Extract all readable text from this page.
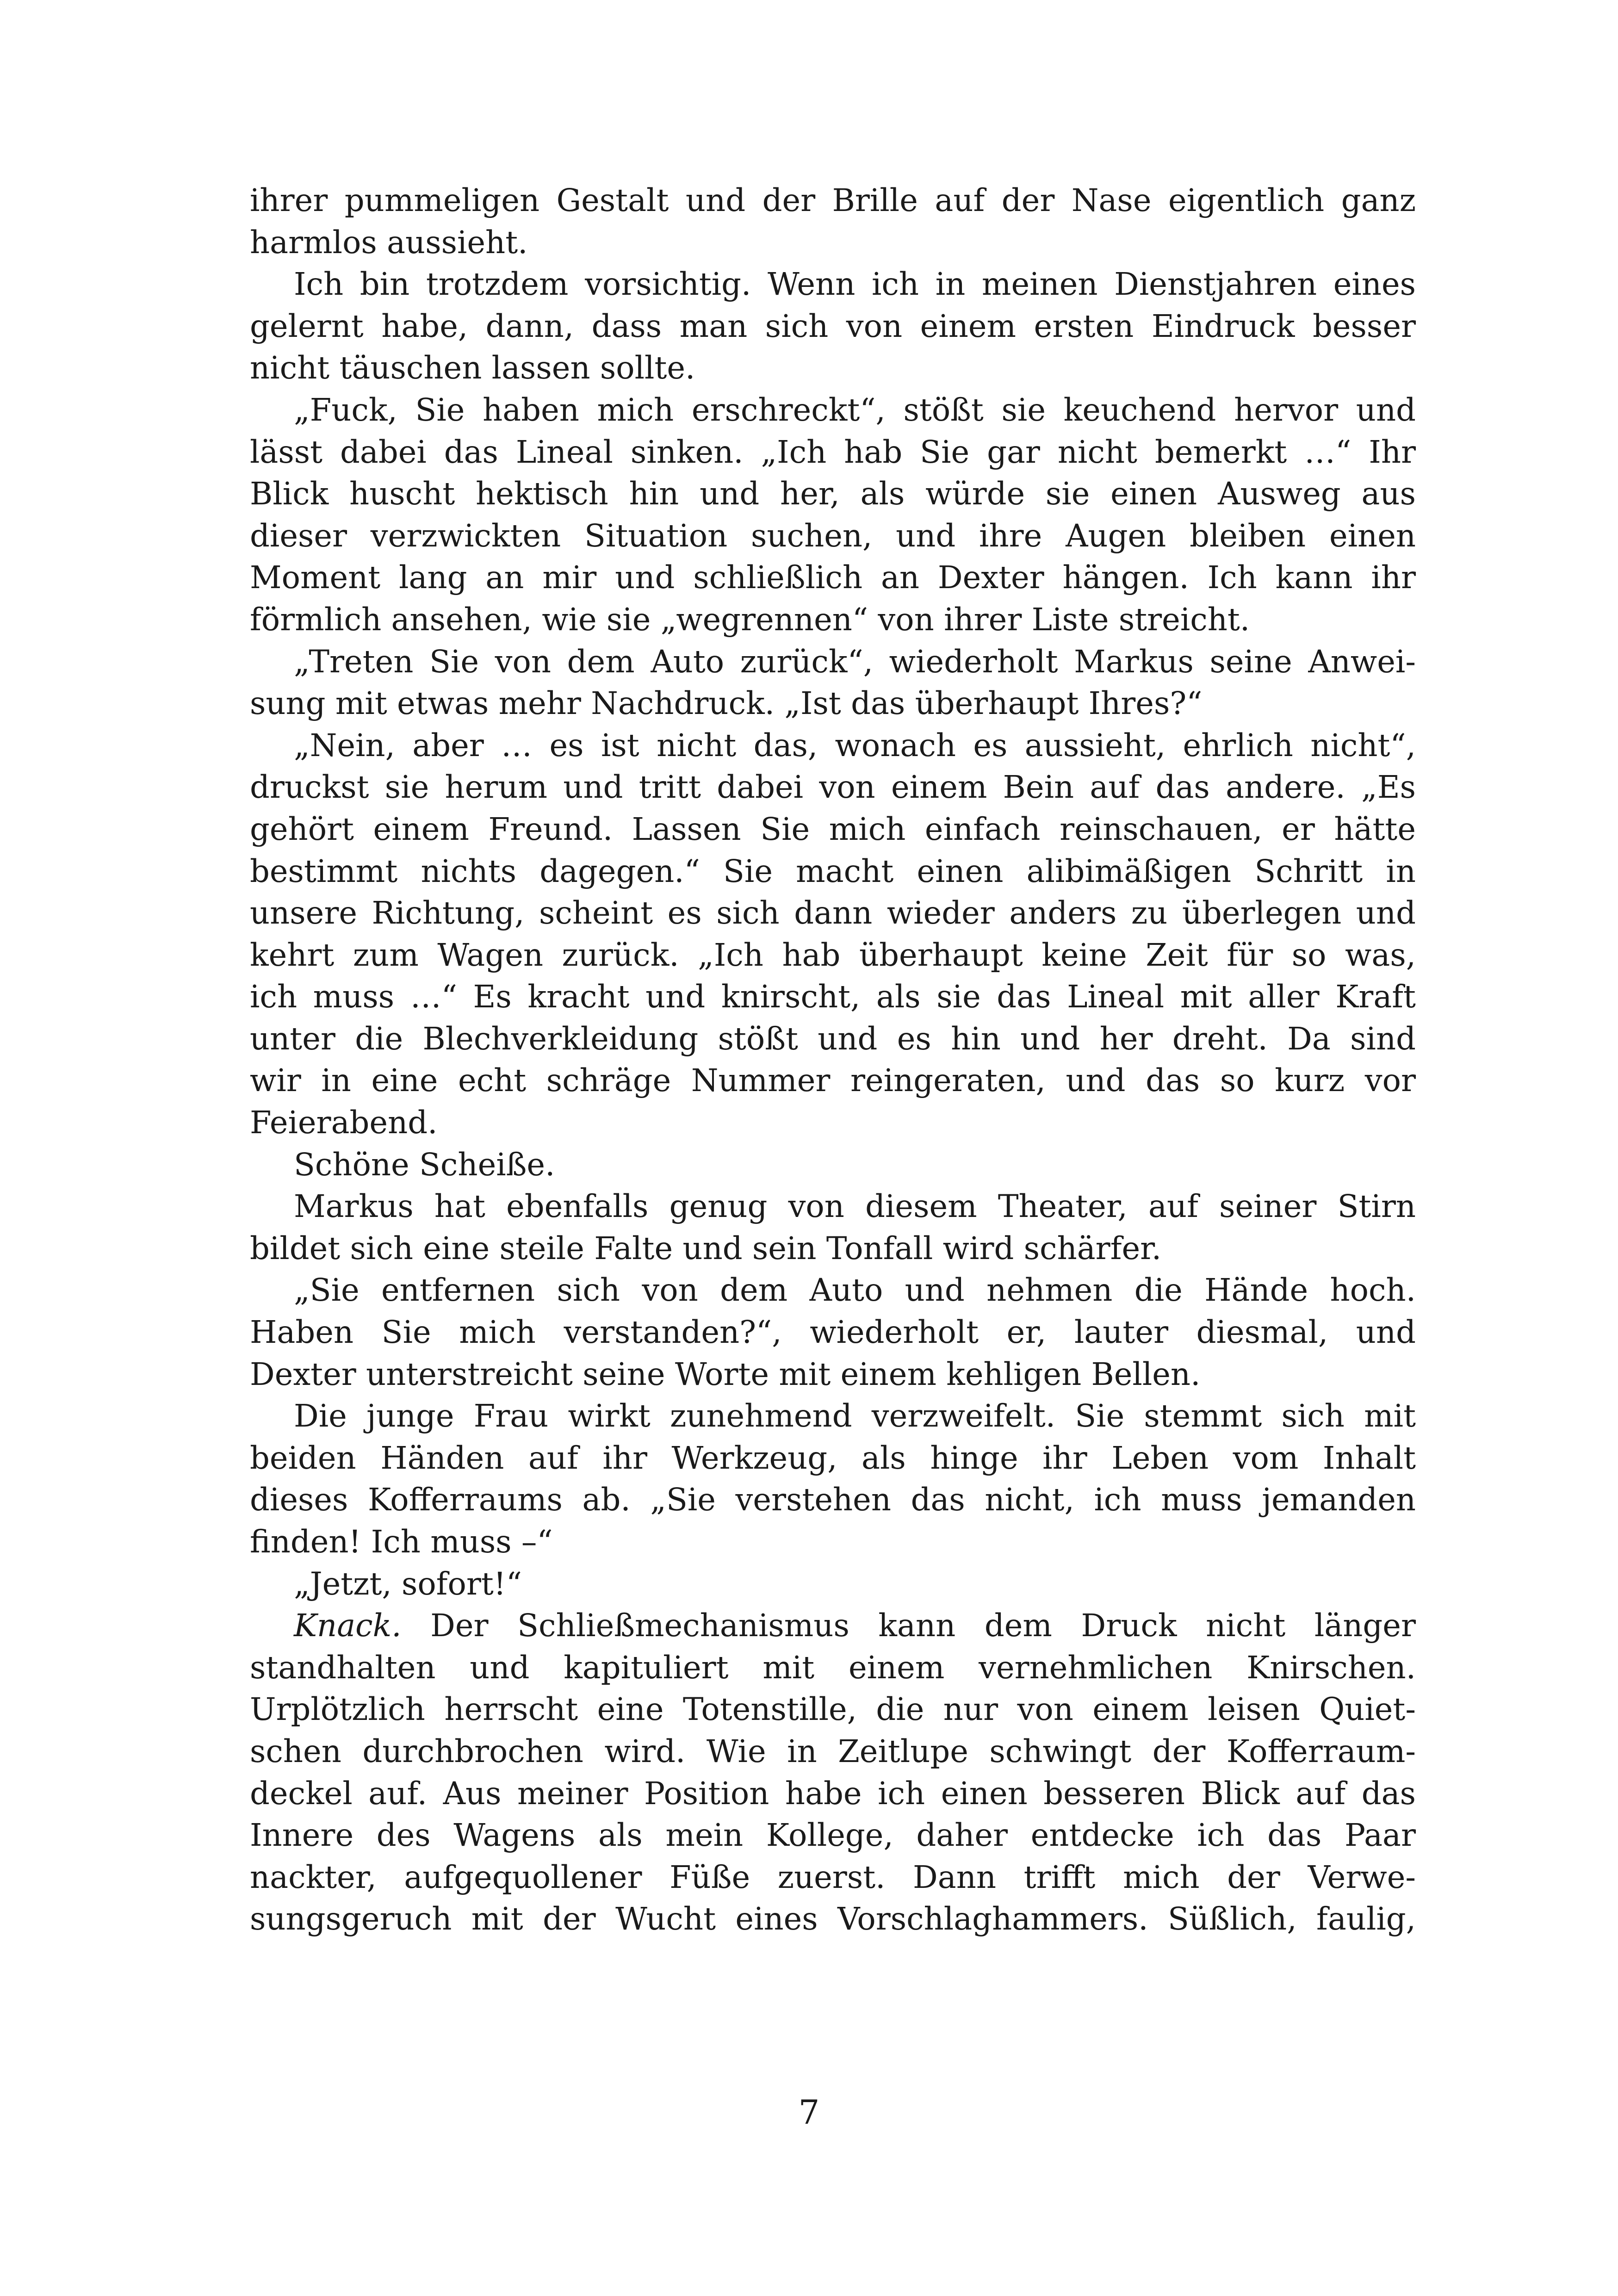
ihrer pummeligen Gestalt und der Brille auf der Nase eigentlich ganz
harmlos aussieht.
Ich bin trotzdem vorsichtig. Wenn ich in meinen Dienstjahren eines
gelernt habe, dann, dass man sich von einem ersten Eindruck besser
nicht täuschen lassen sollte.
„Fuck, Sie haben mich erschreckt“, stößt sie keuchend hervor und
lässt dabei das Lineal sinken. „Ich hab Sie gar nicht bemerkt …“ Ihr
Blick huscht hektisch hin und her, als würde sie einen Ausweg aus
dieser verzwickten Situation suchen, und ihre Augen bleiben einen
Moment lang an mir und schließlich an Dexter hängen. Ich kann ihr
förmlich ansehen, wie sie „wegrennen“ von ihrer Liste streicht.
„Treten Sie von dem Auto zurück“, wiederholt Markus seine Anwei-
sung mit etwas mehr Nachdruck. „Ist das überhaupt Ihres?“
„Nein, aber … es ist nicht das, wonach es aussieht, ehrlich nicht“,
druckst sie herum und tritt dabei von einem Bein auf das andere. „Es
gehört einem Freund. Lassen Sie mich einfach reinschauen, er hätte
bestimmt nichts dagegen.“ Sie macht einen alibimäßigen Schritt in
unsere Richtung, scheint es sich dann wieder anders zu überlegen und
kehrt zum Wagen zurück. „Ich hab überhaupt keine Zeit für so was,
ich muss …“ Es kracht und knirscht, als sie das Lineal mit aller Kraft
unter die Blechverkleidung stößt und es hin und her dreht. Da sind
wir in eine echt schräge Nummer reingeraten, und das so kurz vor
Feierabend.
Schöne Scheiße.
Markus hat ebenfalls genug von diesem Theater, auf seiner Stirn
bildet sich eine steile Falte und sein Tonfall wird schärfer.
„Sie entfernen sich von dem Auto und nehmen die Hände hoch.
Haben Sie mich verstanden?“, wiederholt er, lauter diesmal, und
Dexter unterstreicht seine Worte mit einem kehligen Bellen.
Die junge Frau wirkt zunehmend verzweifelt. Sie stemmt sich mit
beiden Händen auf ihr Werkzeug, als hinge ihr Leben vom Inhalt
dieses Kofferraums ab. „Sie verstehen das nicht, ich muss jemanden
finden! Ich muss –“
„Jetzt, sofort!“
Knack. Der Schließmechanismus kann dem Druck nicht länger
standhalten und kapituliert mit einem vernehmlichen Knirschen.
Urplötzlich herrscht eine Totenstille, die nur von einem leisen Quiet-
schen durchbrochen wird. Wie in Zeitlupe schwingt der Kofferraum-
deckel auf. Aus meiner Position habe ich einen besseren Blick auf das
Innere des Wagens als mein Kollege, daher entdecke ich das Paar
nackter, aufgequollener Füße zuerst. Dann trifft mich der Verwe-
sungsgeruch mit der Wucht eines Vorschlaghammers. Süßlich, faulig,
7
